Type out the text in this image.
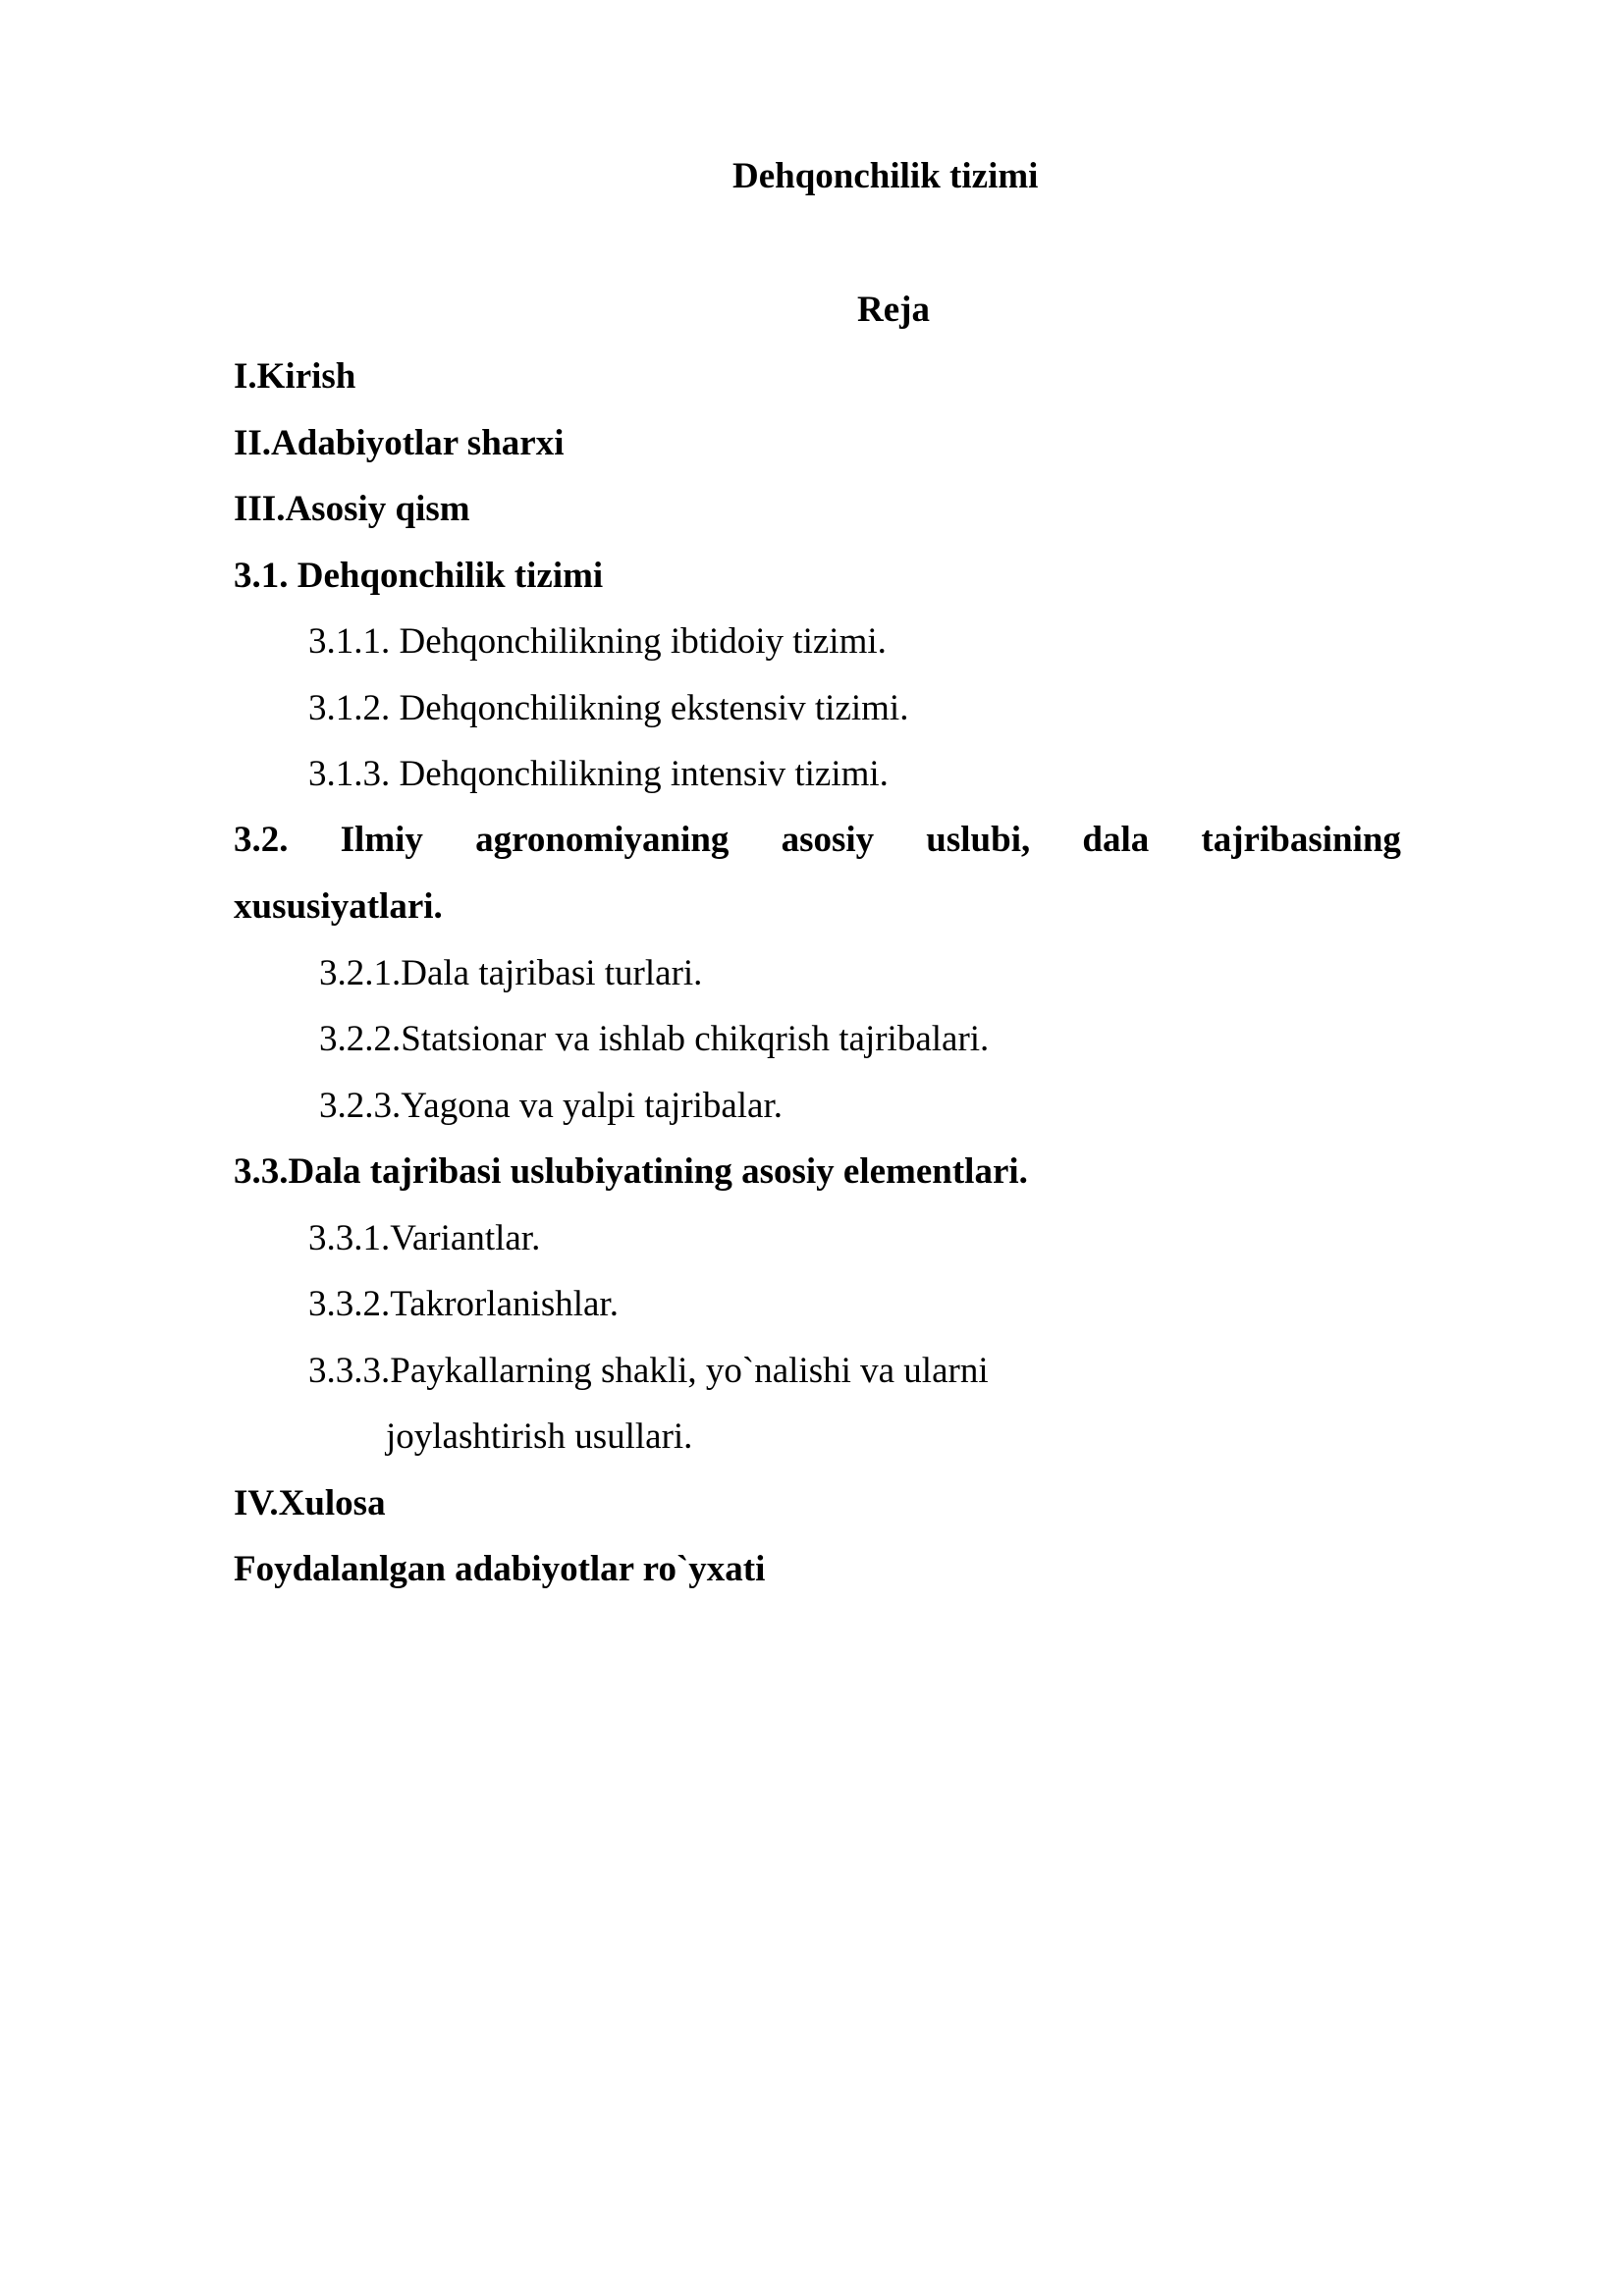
Dehqonchilik tizimi
Reja
I.Kirish
II.Adabiyotlar sharxi
III.Asosiy qism
3.1. Dehqonchilik tizimi
3.1.1. Dehqonchilikning ibtidoiy tizimi.
3.1.2. Dehqonchilikning ekstensiv tizimi.
3.1.3. Dehqonchilikning intensiv tizimi.
3.2. Ilmiy agronomiyaning asosiy uslubi, dala tajribasining
xususiyatlari.
3.2.1.Dala tajribasi turlari.
3.2.2.Statsionar va ishlab chikqrish tajribalari.
3.2.3.Yagona va yalpi tajribalar.
3.3.Dala tajribasi uslubiyatining asosiy elementlari.
3.3.1.Variantlar.
3.3.2.Takrorlanishlar.
3.3.3.Paykallarning shakli, yo`nalishi va ularni
joylashtirish usullari.
IV.Xulosa
Foydalanlgan adabiyotlar ro`yxati
